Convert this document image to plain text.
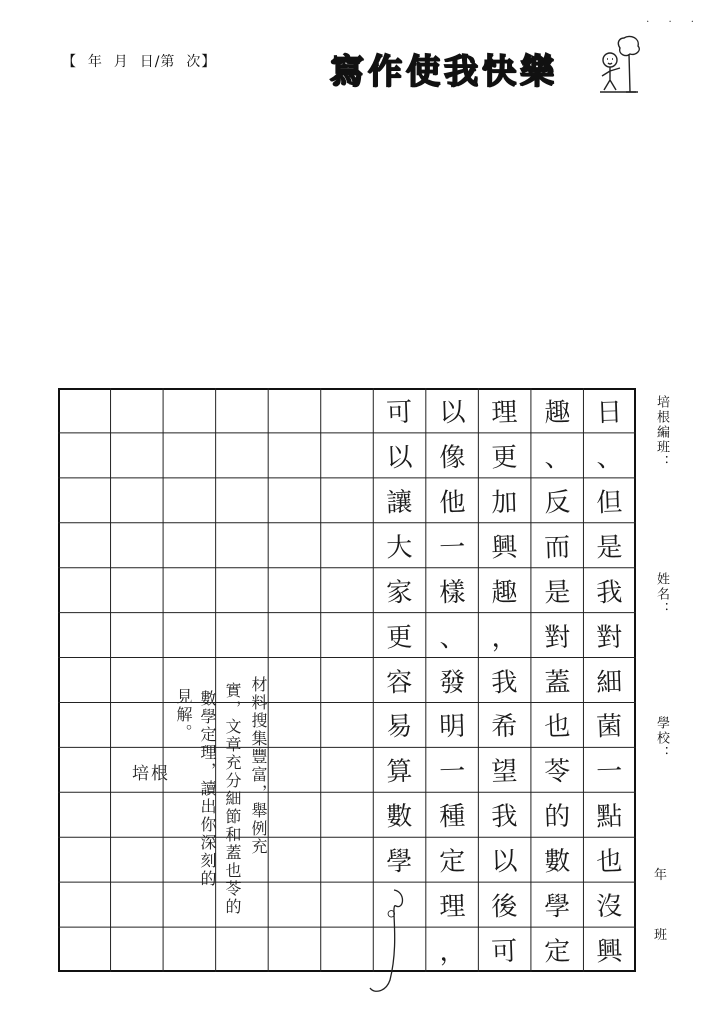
. . .
【  年  月  日/第  次】	寫作使我快樂
日
、
但
是
我
對
細
菌
一
點
也
沒
興
趣
、
反
而
是
對
蓋
也
苓
的
數
學
定
理
更
加
興
趣
，
我
希
望
我
以
後
可
以
像
他
一
樣
、
發
明
一
種
定
理
，
可
以
讓
大
家
更
容
易
算
數
學
。
材料搜集豐富，舉例充
實，文章充分細節和蓋也苓的
數學定理，讀出你深刻的
見解。
培根
培根編班：
姓名：
學校：
年
班
